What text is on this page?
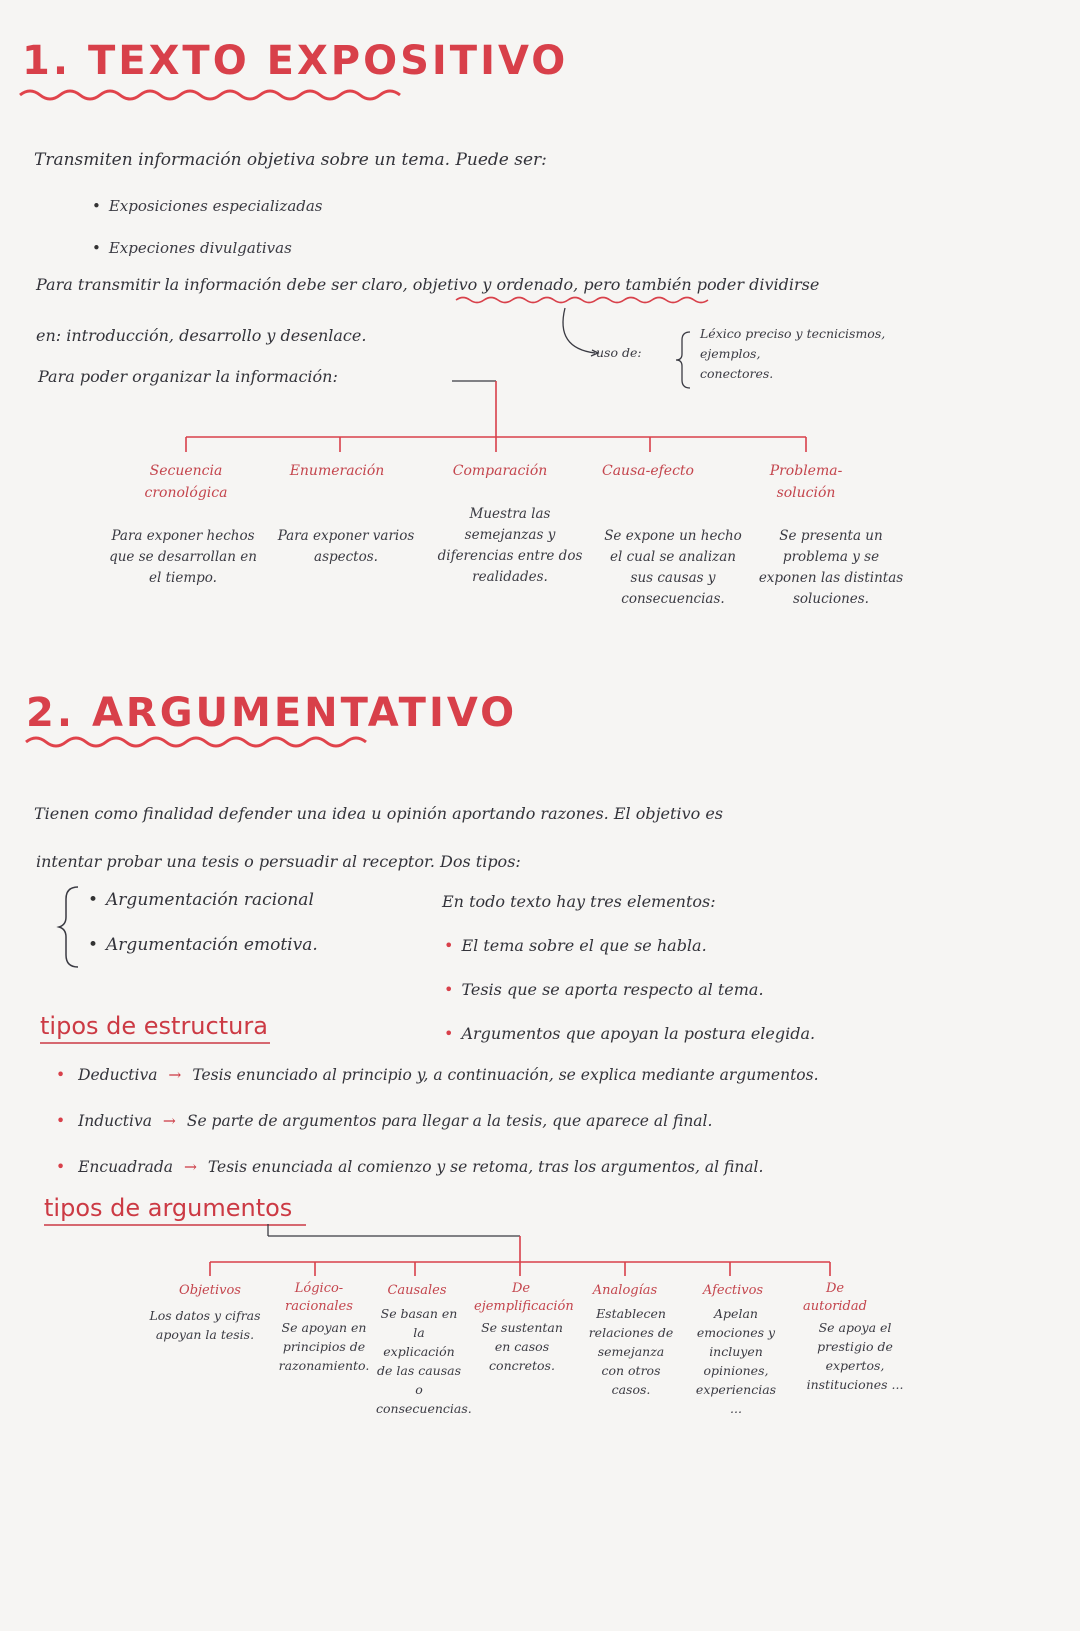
1. TEXTO EXPOSITIVO
Transmiten información objetiva sobre un tema. Puede ser:
• Exposiciones especializadas
• Expeciones divulgativas
Para transmitir la información debe ser claro, objetivo y ordenado, pero también poder dividirse
en: introducción, desarrollo y desenlace.
uso de:
Léxico preciso y tecnicismos,
ejemplos,
conectores.
Para poder organizar la información:
Secuencia cronológica
Para exponer hechos que se desarrollan en el tiempo.
Enumeración
Para exponer varios aspectos.
Comparación
Muestra las semejanzas y diferencias entre dos realidades.
Causa-efecto
Se expone un hecho el cual se analizan sus causas y consecuencias.
Problema-solución
Se presenta un problema y se exponen las distintas soluciones.
2. ARGUMENTATIVO
Tienen como finalidad defender una idea u opinión aportando razones. El objetivo es
intentar probar una tesis o persuadir al receptor. Dos tipos:
• Argumentación racional
• Argumentación emotiva.
En todo texto hay tres elementos:
• El tema sobre el que se habla.
• Tesis que se aporta respecto al tema.
• Argumentos que apoyan la postura elegida.
tipos de estructura
• Deductiva → Tesis enunciado al principio y, a continuación, se explica mediante argumentos.
• Inductiva → Se parte de argumentos para llegar a la tesis, que aparece al final.
• Encuadrada → Tesis enunciada al comienzo y se retoma, tras los argumentos, al final.
tipos de argumentos
Objetivos
Los datos y cifras apoyan la tesis.
Lógico-racionales
Se apoyan en principios de razonamiento.
Causales
Se basan en la explicación de las causas o consecuencias.
De ejemplificación
Se sustentan en casos concretos.
Analogías
Establecen relaciones de semejanza con otros casos.
Afectivos
Apelan emociones y incluyen opiniones, experiencias ...
De autoridad
Se apoya el prestigio de expertos, instituciones ...
